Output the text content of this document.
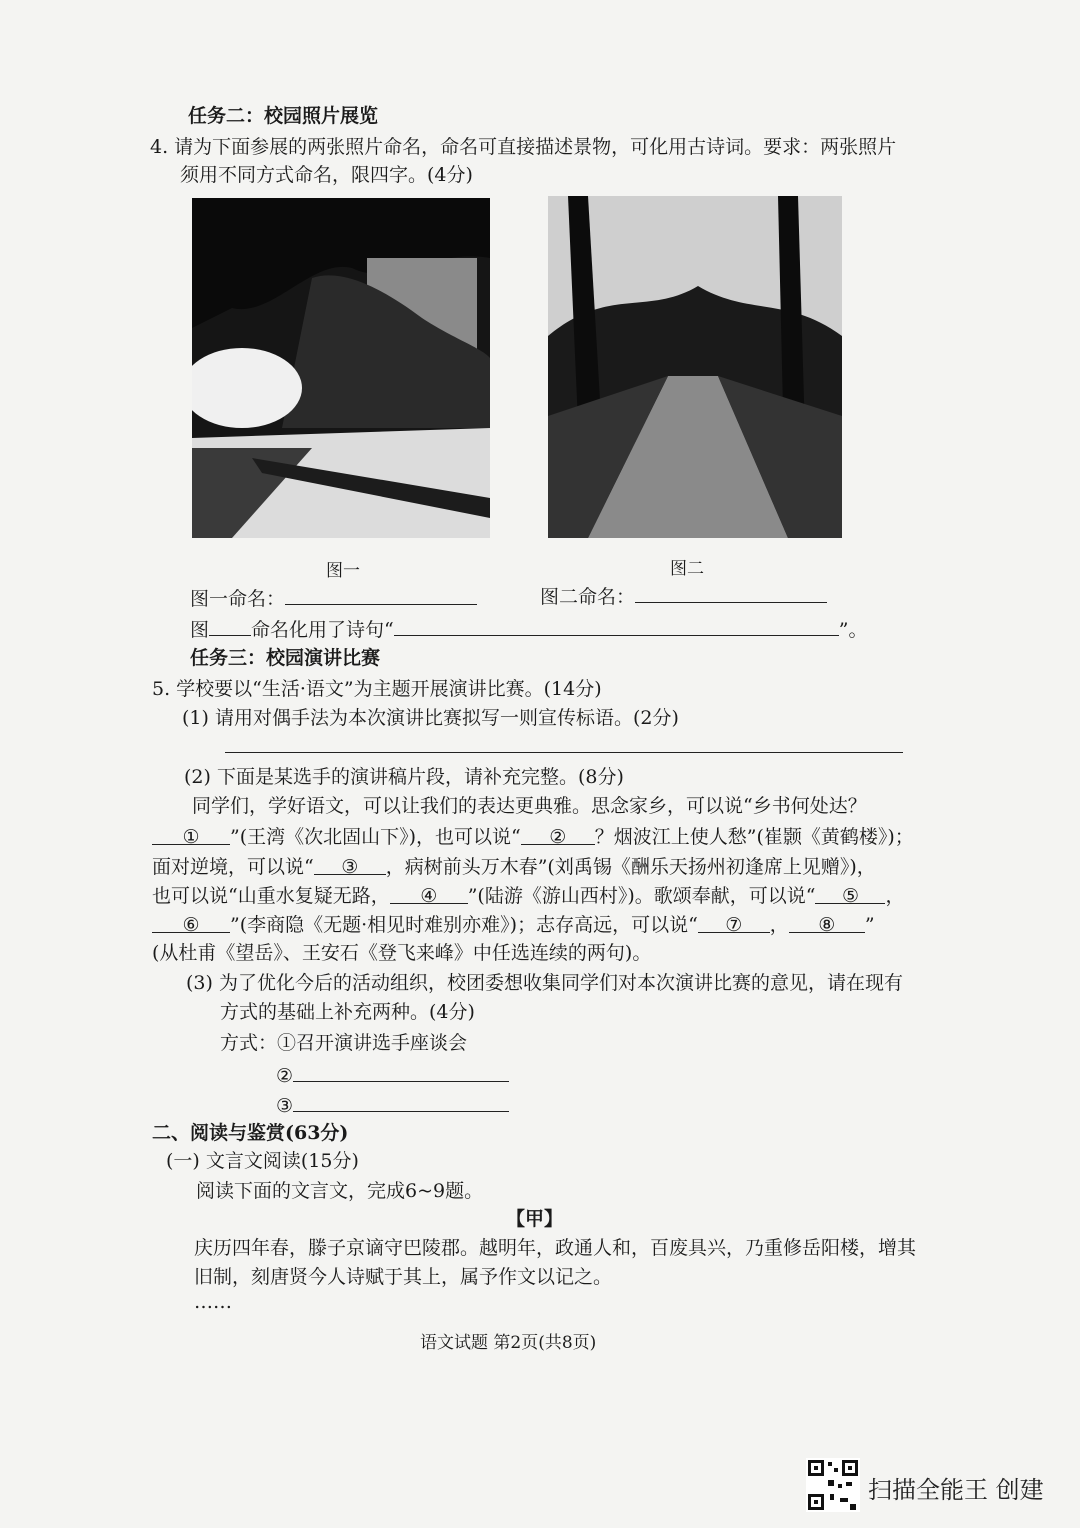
任务二：校园照片展览
4. 请为下面参展的两张照片命名，命名可直接描述景物，可化用古诗词。要求：两张照片
须用不同方式命名，限四字。(4分)
图一	图二
图一命名：	图二命名：
图 命名化用了诗句“	”。
任务三：校园演讲比赛
5. 学校要以“生活·语文”为主题开展演讲比赛。(14分)
(1) 请用对偶手法为本次演讲比赛拟写一则宣传标语。(2分)
(2) 下面是某选手的演讲稿片段，请补充完整。(8分)
同学们，学好语文，可以让我们的表达更典雅。思念家乡，可以说“乡书何处达？
① ”(王湾《次北固山下》)，也可以说“ ② ？烟波江上使人愁”(崔颢《黄鹤楼》)；
面对逆境，可以说“ ③ ，病树前头万木春”(刘禹锡《酬乐天扬州初逢席上见赠》)，
也可以说“山重水复疑无路， ④ ”(陆游《游山西村》)。歌颂奉献，可以说“ ⑤ ，
⑥ ”(李商隐《无题·相见时难别亦难》)；志存高远，可以说“ ⑦ ， ⑧ ”
(从杜甫《望岳》、王安石《登飞来峰》中任选连续的两句)。
(3) 为了优化今后的活动组织，校团委想收集同学们对本次演讲比赛的意见，请在现有
方式的基础上补充两种。(4分)
方式：①召开演讲选手座谈会
②
③
二、阅读与鉴赏(63分)
(一) 文言文阅读(15分)
阅读下面的文言文，完成6~9题。
【甲】
庆历四年春，滕子京谪守巴陵郡。越明年，政通人和，百废具兴，乃重修岳阳楼，增其
旧制，刻唐贤今人诗赋于其上，属予作文以记之。
……
语文试题 第2页(共8页)
扫描全能王 创建
